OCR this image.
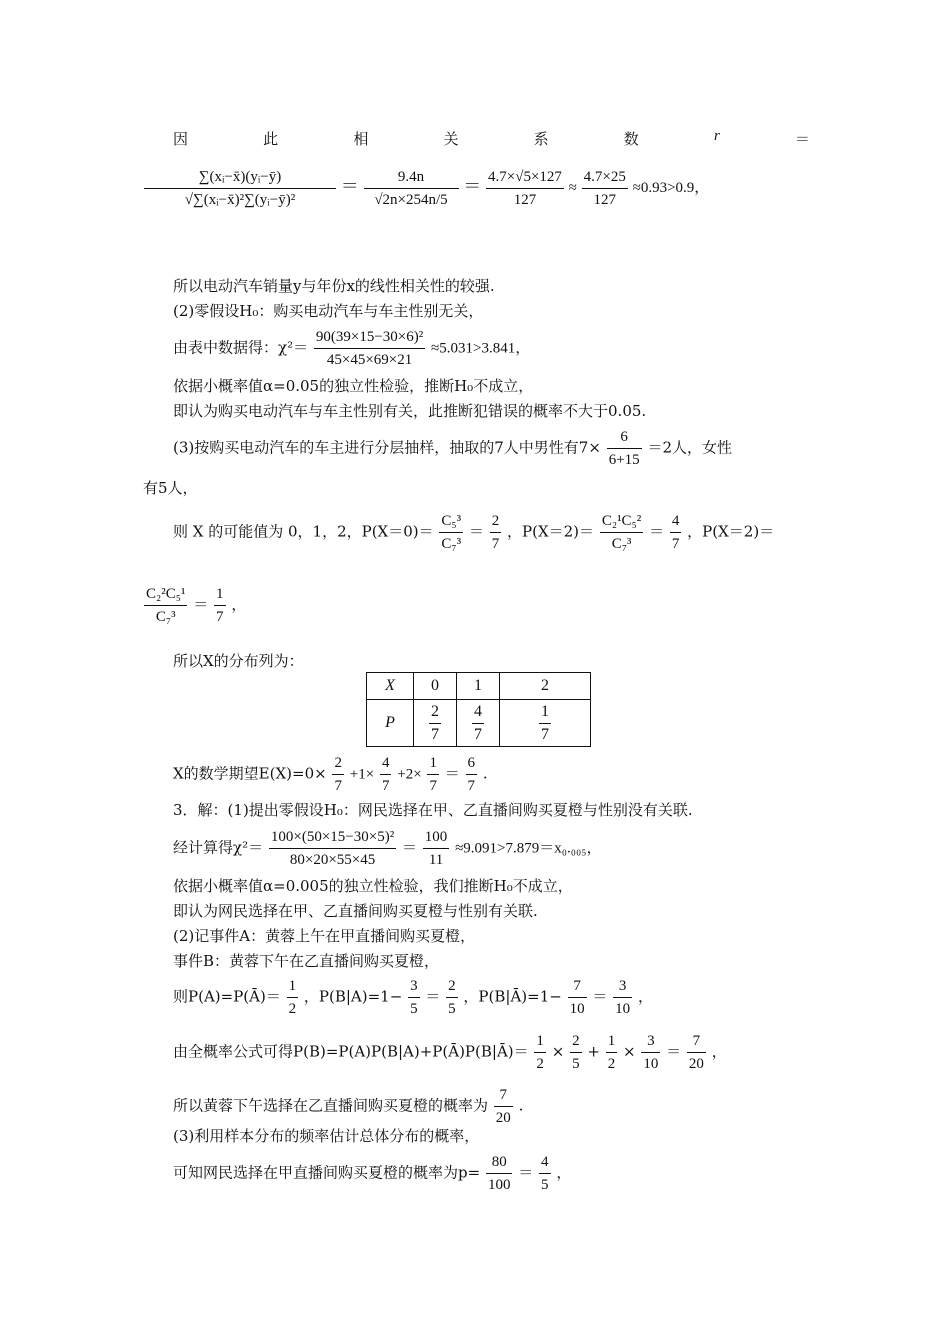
因	此	相	关	系	数	r	＝
$\frac{\text{∑(xᵢ−x̄)(yᵢ−ȳ)}}{\text{√∑(xᵢ−x̄)²∑(yᵢ−ȳ)²}} = \frac{9.4n}{√2n\times 254n/5} = \frac{4.7\times√5\times 127}{127} \approx \frac{4.7\times 25}{127} \approx 0.93>0.9$，
所以电动汽车销量y与年份x的线性相关性的较强.
(2)零假设H₀：购买电动汽车与车主性别无关，
由表中数据得：$\chi^2= \frac{\text{90(39×15−30×6)²}}{45\times 45\times 69\times 21} \approx 5.031>3.841$，
依据小概率值α=0.05的独立性检验，推断H₀不成立，
即认为购买电动汽车与车主性别有关，此推断犯错误的概率不大于0.05.
(3)按购买电动汽车的车主进行分层抽样，抽取的7人中男性有$7\times \frac{6}{6+15} =2$人，女性
有5人，
则 X 的可能值为 0，1，2，$P(X=0)= \frac{\text{C₅³}}{\text{C₇³}} = \frac{2}{7}$ ，$P(X=2)= \frac{\text{C₂¹C₅²}}{\text{C₇³}} = \frac{4}{7}$ ，P(X＝2)＝
$\frac{\text{C₂²C₅¹}}{\text{C₇³}} = \frac{1}{7}$ ，
所以X的分布列为：
X	0	1	2
P	$\frac{2}{7}$	$\frac{4}{7}$	$\frac{1}{7}$
X的数学期望$E(X)=0\times \frac{2}{7} +1\times \frac{4}{7} +2\times \frac{1}{7} = \frac{6}{7}$ .
3．解：(1)提出零假设H₀：网民选择在甲、乙直播间购买夏橙与性别没有关联.
经计算得$\chi^2= \frac{\text{100×(50×15−30×5)²}}{80\times 20\times 55\times 45} = \frac{100}{11} \approx 9.091>7.879=x_0._{005}$，
依据小概率值α=0.005的独立性检验，我们推断H₀不成立，
即认为网民选择在甲、乙直播间购买夏橙与性别有关联.
(2)记事件A：黄蓉上午在甲直播间购买夏橙，
事件B：黄蓉下午在乙直播间购买夏橙，
则P(A)=P(Ā)＝ $\frac{1}{2}$ ，$P(B|A)=1- \frac{3}{5} = \frac{2}{5}$ ，P(B|Ā)=1− $\frac{7}{10} = \frac{3}{10}$ ，
由全概率公式可得P(B)=P(A)P(B|A)+P(Ā)P(B|Ā)＝ $\frac{1}{2} \times \frac{2}{5} + \frac{1}{2} \times \frac{3}{10} = \frac{7}{20}$ ，
所以黄蓉下午选择在乙直播间购买夏橙的概率为 $\frac{7}{20}$ .
(3)利用样本分布的频率估计总体分布的概率，
可知网民选择在甲直播间购买夏橙的概率为$p= \frac{80}{100} = \frac{4}{5}$ ，
